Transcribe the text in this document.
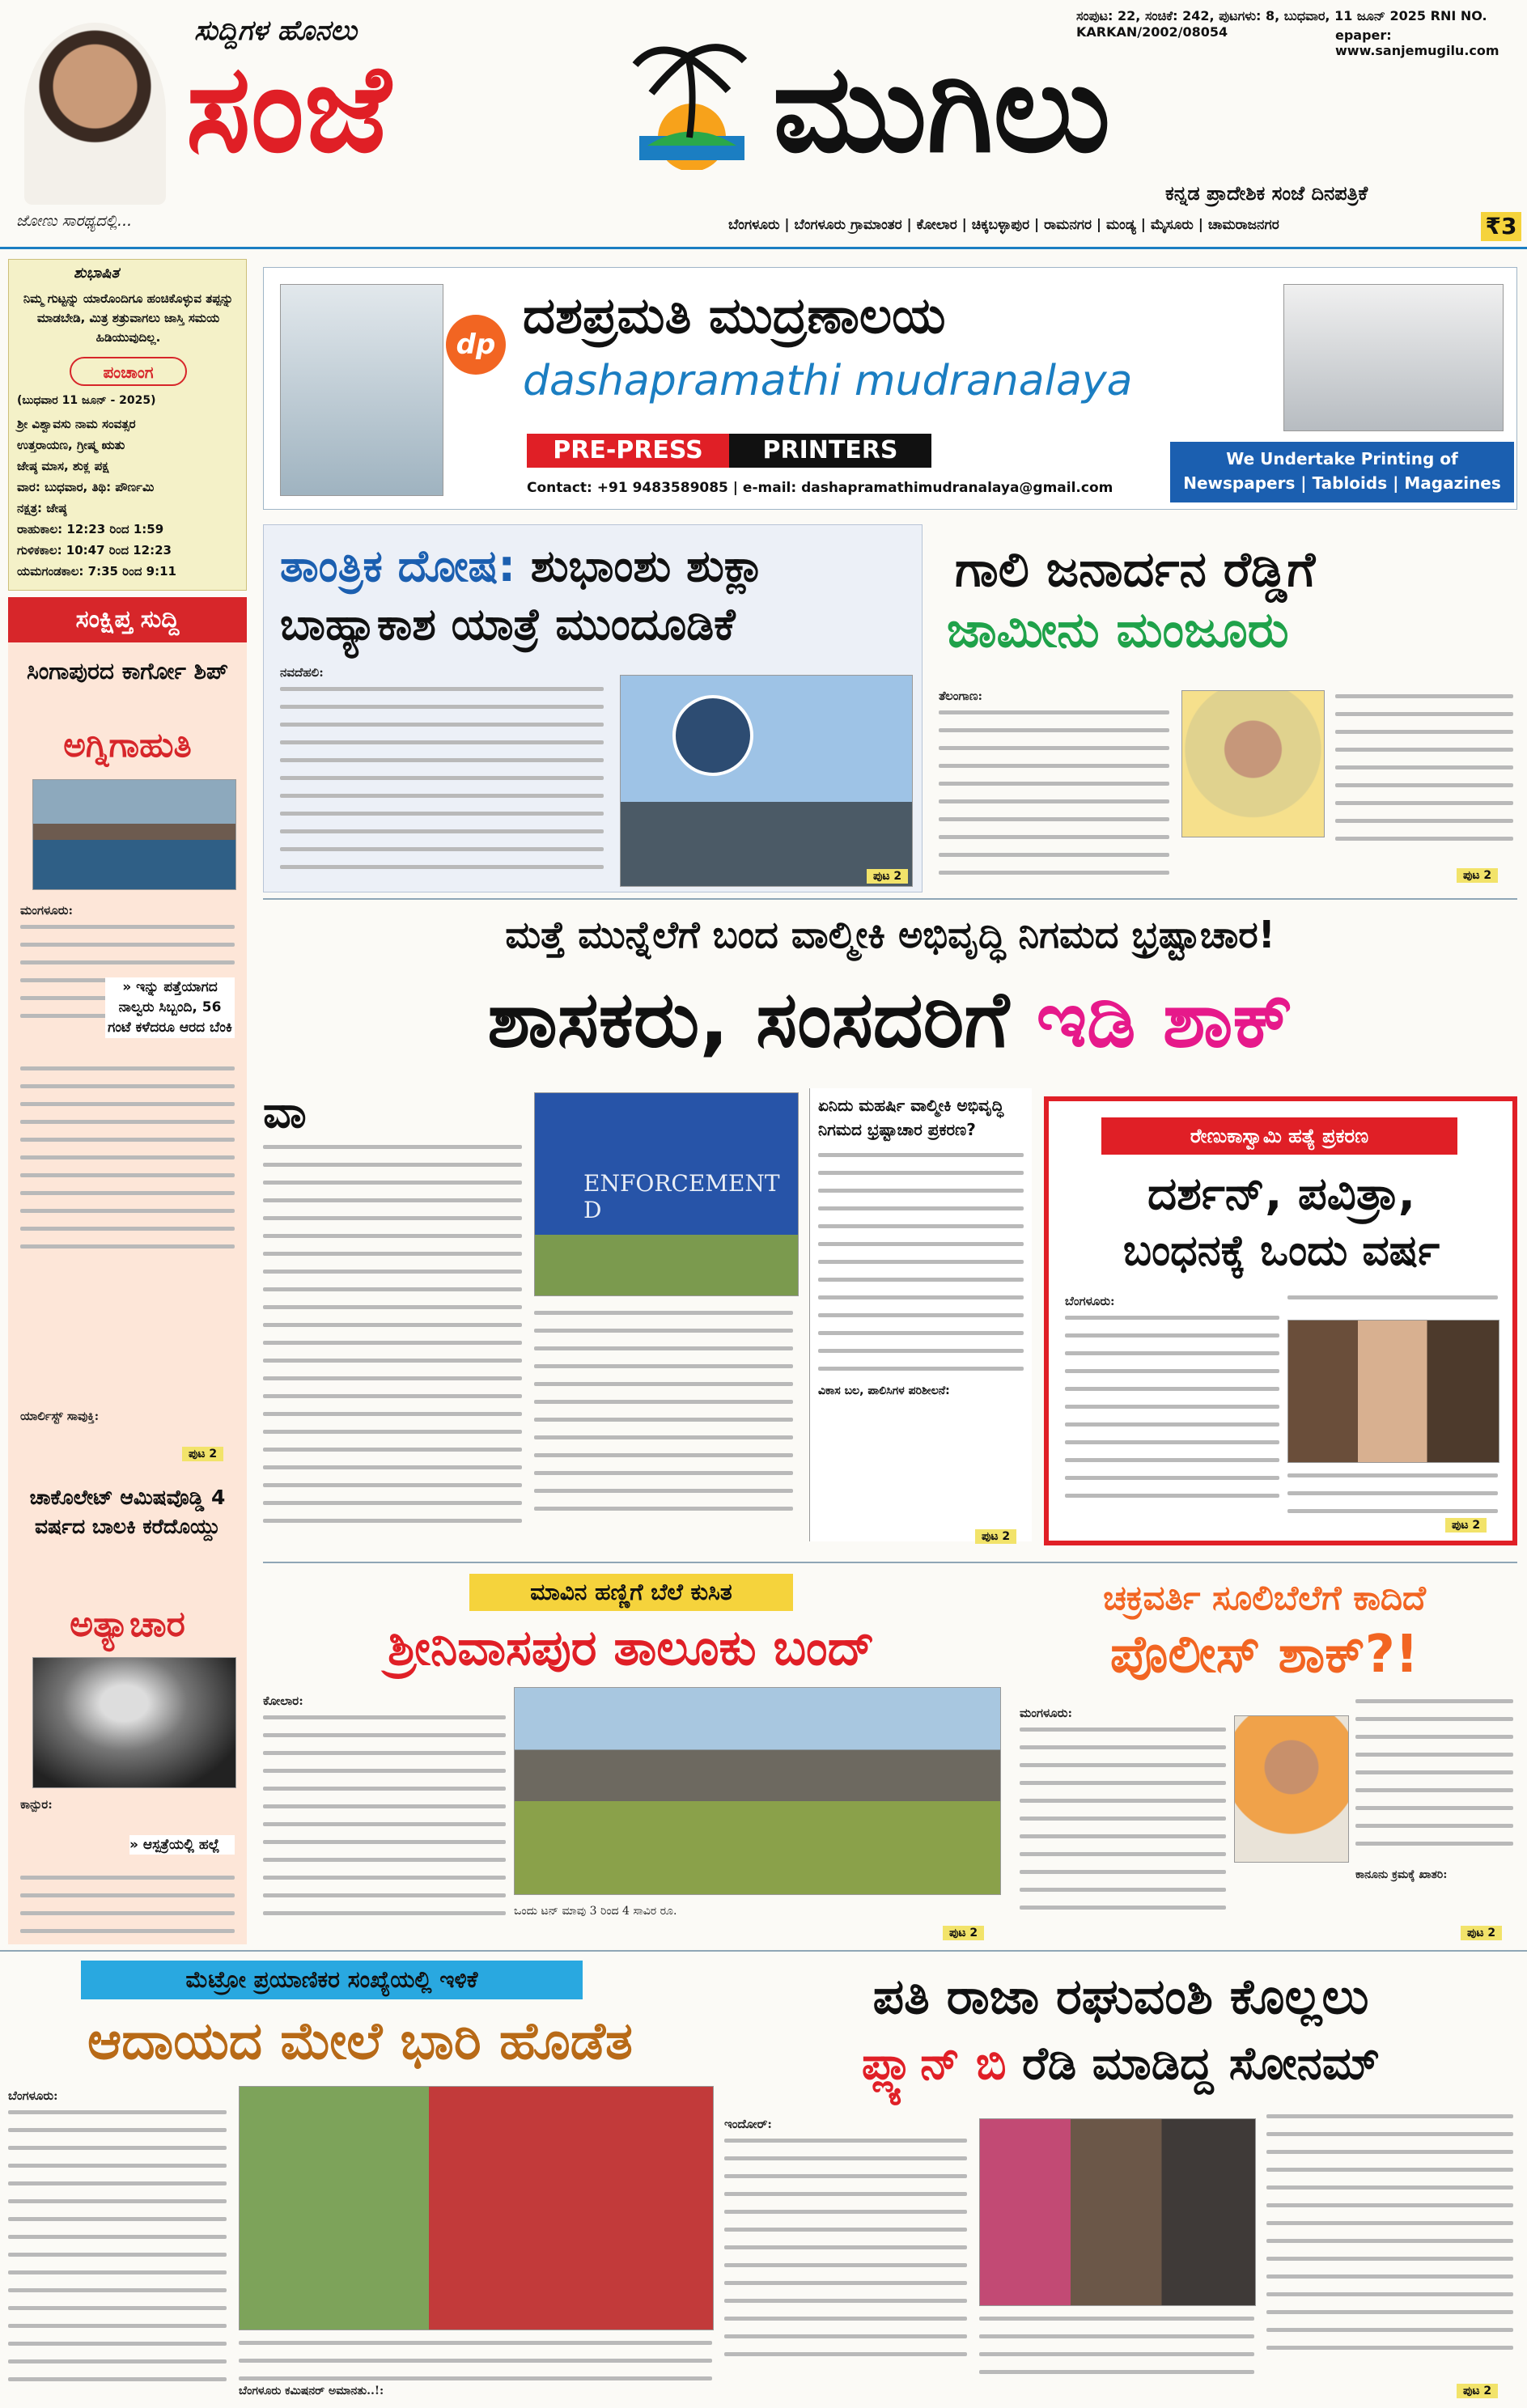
ಜೋಣು ಸಾರಥ್ಯದಲ್ಲಿ...
ಸುದ್ದಿಗಳ ಹೊನಲು
ಸಂಜೆ	ಮುಗಿಲು
ಸಂಪುಟ: 22, ಸಂಚಿಕೆ: 242, ಪುಟಗಳು: 8, ಬುಧವಾರ, 11 ಜೂನ್ 2025 RNI NO. KARKAN/2002/08054	epaper: www.sanjemugilu.com
ಕನ್ನಡ ಪ್ರಾದೇಶಿಕ ಸಂಜೆ ದಿನಪತ್ರಿಕೆ
ಬೆಂಗಳೂರು | ಬೆಂಗಳೂರು ಗ್ರಾಮಾಂತರ | ಕೋಲಾರ | ಚಿಕ್ಕಬಳ್ಳಾಪುರ | ರಾಮನಗರ | ಮಂಡ್ಯ | ಮೈಸೂರು | ಚಾಮರಾಜನಗರ	₹3
ಶುಭಾಷಿತ
ನಿಮ್ಮ ಗುಟ್ಟನ್ನು ಯಾರೊಂದಿಗೂ ಹಂಚಿಕೊಳ್ಳುವ ತಪ್ಪನ್ನು ಮಾಡಬೇಡಿ, ಮಿತ್ರ ಶತ್ರುವಾಗಲು ಜಾಸ್ತಿ ಸಮಯ ಹಿಡಿಯುವುದಿಲ್ಲ.
ಪಂಚಾಂಗ
(ಬುಧವಾರ 11 ಜೂನ್ - 2025)
ಶ್ರೀ ವಿಶ್ವಾವಸು ನಾಮ ಸಂವತ್ಸರ
ಉತ್ತರಾಯಣ, ಗ್ರೀಷ್ಮ ಋತು
ಜೇಷ್ಠ ಮಾಸ, ಶುಕ್ಲ ಪಕ್ಷ
ವಾರ: ಬುಧವಾರ, ತಿಥಿ: ಪೌರ್ಣಮಿ
ನಕ್ಷತ್ರ: ಜೇಷ್ಠ
ರಾಹುಕಾಲ: 12:23 ರಿಂದ 1:59
ಗುಳಿಕಕಾಲ: 10:47 ರಿಂದ 12:23
ಯಮಗಂಡಕಾಲ: 7:35 ರಿಂದ 9:11
ಸಂಕ್ಷಿಪ್ತ ಸುದ್ದಿ
ಸಿಂಗಾಪುರದ ಕಾರ್ಗೋ ಶಿಪ್
ಅಗ್ನಿಗಾಹುತಿ
ಮಂಗಳೂರು:
» ಇನ್ನು ಪತ್ತೆಯಾಗದ ನಾಲ್ವರು ಸಿಬ್ಬಂದಿ, 56 ಗಂಟೆ ಕಳೆದರೂ ಆರದ ಬೆಂಕಿ
ಯಾರ್ಲಿಸ್ಟ್ ಸಾವುಕ್ತಿ:
ಪುಟ 2
ಚಾಕೊಲೇಟ್ ಆಮಿಷವೊಡ್ಡಿ 4 ವರ್ಷದ ಬಾಲಕಿ ಕರೆದೊಯ್ದು
ಅತ್ಯಾಚಾರ
ಕಾನ್ಪುರ:
» ಆಸ್ಪತ್ರೆಯಲ್ಲಿ ಹಲ್ಲೆ
dp ದಶಪ್ರಮತಿ ಮುದ್ರಣಾಲಯ
dashapramathi mudranalaya
PRE-PRESS	PRINTERS
Contact: +91 9483589085 | e-mail: dashapramathimudranalaya@gmail.com
We Undertake Printing of Newspapers | Tabloids | Magazines
ತಾಂತ್ರಿಕ ದೋಷ: ಶುಭಾಂಶು ಶುಕ್ಲಾ
ಬಾಹ್ಯಾಕಾಶ ಯಾತ್ರೆ ಮುಂದೂಡಿಕೆ
ನವದೆಹಲಿ:
ಪುಟ 2
ಗಾಲಿ ಜನಾರ್ದನ ರೆಡ್ಡಿಗೆ
ಜಾಮೀನು ಮಂಜೂರು
ತೆಲಂಗಾಣ:
ಪುಟ 2
ಮತ್ತೆ ಮುನ್ನೆಲೆಗೆ ಬಂದ ವಾಲ್ಮೀಕಿ ಅಭಿವೃದ್ಧಿ ನಿಗಮದ ಭ್ರಷ್ಟಾಚಾರ!
ಶಾಸಕರು, ಸಂಸದರಿಗೆ ಇಡಿ ಶಾಕ್
ವಾ
ENFORCEMENT D
ಏನಿದು ಮಹರ್ಷಿ ವಾಲ್ಮೀಕಿ ಅಭಿವೃದ್ಧಿ ನಿಗಮದ ಭ್ರಷ್ಟಾಚಾರ ಪ್ರಕರಣ?
ವಿಕಾಸ ಬಲ, ಪಾಲಿಸಿಗಳ ಪರಿಶೀಲನೆ:
ಪುಟ 2
ರೇಣುಕಾಸ್ವಾಮಿ ಹತ್ಯೆ ಪ್ರಕರಣ
ದರ್ಶನ್, ಪವಿತ್ರಾ,
ಬಂಧನಕ್ಕೆ ಒಂದು ವರ್ಷ
ಬೆಂಗಳೂರು:
ಪುಟ 2
ಮಾವಿನ ಹಣ್ಣಿಗೆ ಬೆಲೆ ಕುಸಿತ
ಶ್ರೀನಿವಾಸಪುರ ತಾಲೂಕು ಬಂದ್
ಕೋಲಾರ:
ಒಂದು ಟನ್ ಮಾವು 3 ರಿಂದ 4 ಸಾವಿರ ರೂ.
ಪುಟ 2
ಚಕ್ರವರ್ತಿ ಸೂಲಿಬೆಲೆಗೆ ಕಾದಿದೆ
ಪೊಲೀಸ್ ಶಾಕ್?!
ಮಂಗಳೂರು:
ಕಾನೂನು ಕ್ರಮಕ್ಕೆ ಖಾತರಿ:
ಪುಟ 2
ಮೆಟ್ರೋ ಪ್ರಯಾಣಿಕರ ಸಂಖ್ಯೆಯಲ್ಲಿ ಇಳಿಕೆ
ಆದಾಯದ ಮೇಲೆ ಭಾರಿ ಹೊಡೆತ
ಬೆಂಗಳೂರು:
ಬೆಂಗಳೂರು ಕಮಿಷನರ್ ಅಮಾನತು..!:
ಪತಿ ರಾಜಾ ರಘುವಂಶಿ ಕೊಲ್ಲಲು
ಪ್ಲ್ಯಾನ್ ಬಿ ರೆಡಿ ಮಾಡಿದ್ದ ಸೋನಮ್
ಇಂದೋರ್:
ಪುಟ 2
